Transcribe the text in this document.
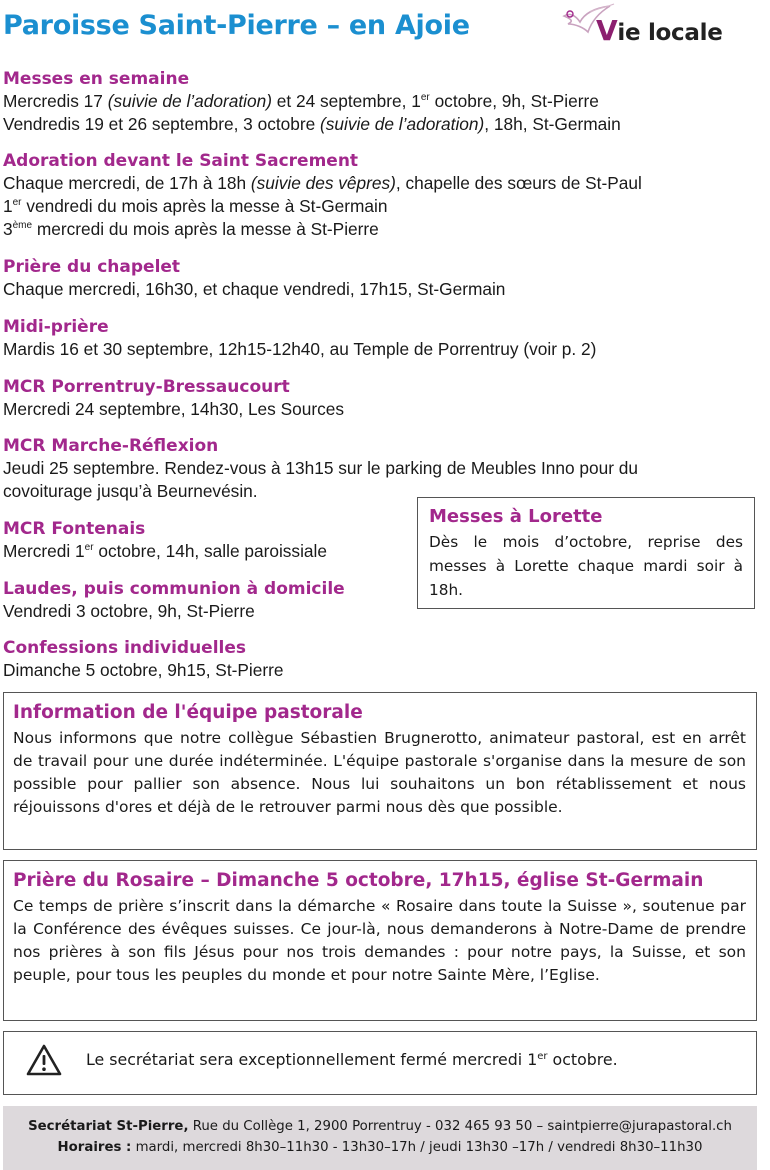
Paroisse Saint-Pierre – en Ajoie	Vie locale
Messes en semaine
Mercredis 17 (suivie de l’adoration) et 24 septembre, 1er octobre, 9h, St-Pierre
Vendredis 19 et 26 septembre, 3 octobre (suivie de l’adoration), 18h, St-Germain
Adoration devant le Saint Sacrement
Chaque mercredi, de 17h à 18h (suivie des vêpres), chapelle des sœurs de St-Paul
1er vendredi du mois après la messe à St-Germain
3ème mercredi du mois après la messe à St-Pierre
Prière du chapelet
Chaque mercredi, 16h30, et chaque vendredi, 17h15, St-Germain
Midi-prière
Mardis 16 et 30 septembre, 12h15-12h40, au Temple de Porrentruy (voir p. 2)
MCR Porrentruy-Bressaucourt
Mercredi 24 septembre, 14h30, Les Sources
MCR Marche-Réflexion
Jeudi 25 septembre. Rendez-vous à 13h15 sur le parking de Meubles Inno pour du
covoiturage jusqu’à Beurnevésin.
MCR Fontenais
Mercredi 1er octobre, 14h, salle paroissiale
Laudes, puis communion à domicile
Vendredi 3 octobre, 9h, St-Pierre
Confessions individuelles
Dimanche 5 octobre, 9h15, St-Pierre
Messes à Lorette
Dès le mois d’octobre, reprise des messes à Lorette chaque mardi soir à 18h.
Information de l'équipe pastorale
Nous informons que notre collègue Sébastien Brugnerotto, animateur pastoral, est en arrêt de travail pour une durée indéterminée. L'équipe pastorale s'organise dans la mesure de son possible pour pallier son absence. Nous lui souhaitons un bon rétablissement et nous réjouissons d'ores et déjà de le retrouver parmi nous dès que possible.
Prière du Rosaire – Dimanche 5 octobre, 17h15, église St-Germain
Ce temps de prière s’inscrit dans la démarche « Rosaire dans toute la Suisse », soutenue par la Conférence des évêques suisses. Ce jour-là, nous demanderons à Notre-Dame de prendre nos prières à son fils Jésus pour nos trois demandes : pour notre pays, la Suisse, et son peuple, pour tous les peuples du monde et pour notre Sainte Mère, l’Eglise.
Le secrétariat sera exceptionnellement fermé mercredi 1er octobre.
Secrétariat St-Pierre, Rue du Collège 1, 2900 Porrentruy - 032 465 93 50 – saintpierre@jurapastoral.ch
Horaires : mardi, mercredi 8h30–11h30 - 13h30–17h / jeudi 13h30 –17h / vendredi 8h30–11h30
